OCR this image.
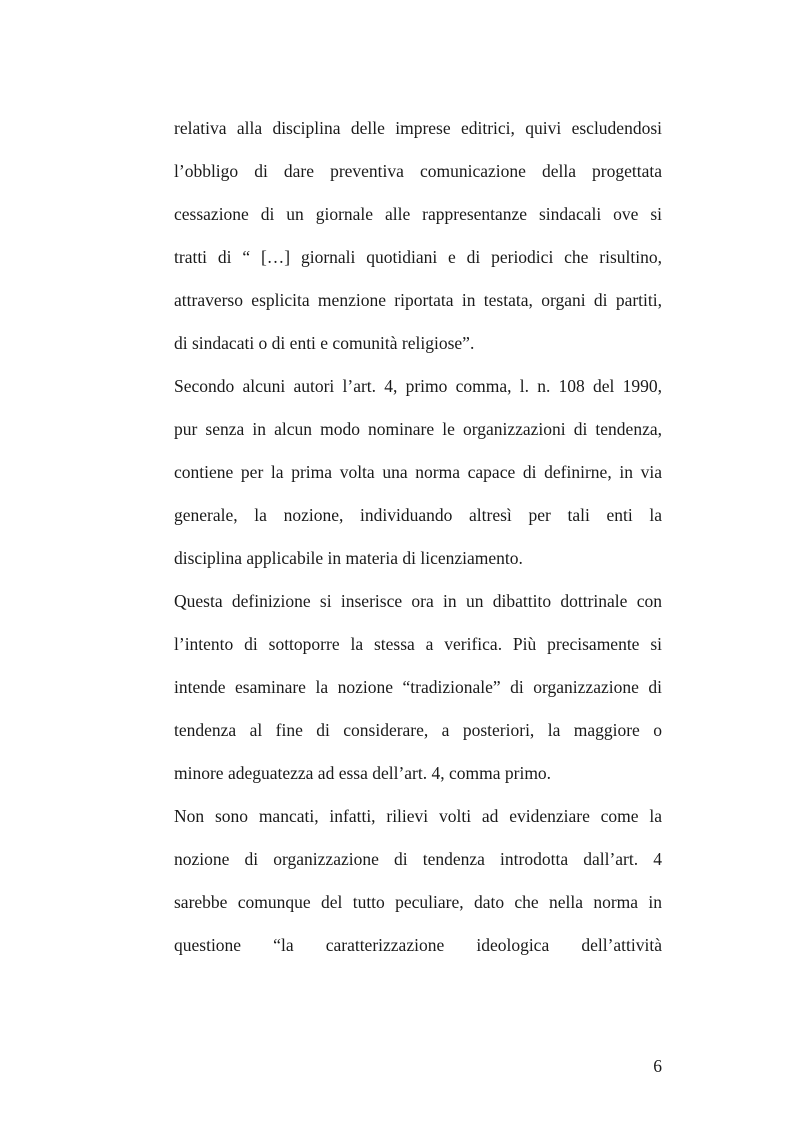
relativa alla disciplina delle imprese editrici, quivi escludendosi
l’obbligo di dare preventiva comunicazione della progettata
cessazione di un giornale alle rappresentanze sindacali ove si
tratti di “ […] giornali quotidiani e di periodici che risultino,
attraverso esplicita menzione riportata in testata, organi di partiti,
di sindacati o di enti e comunità religiose”.
Secondo alcuni autori l’art. 4, primo comma, l. n. 108 del 1990,
pur senza in alcun modo nominare le organizzazioni di tendenza,
contiene per la prima volta una norma capace di definirne, in via
generale, la nozione, individuando altresì per tali enti la
disciplina applicabile in materia di licenziamento.
Questa definizione si inserisce ora in un dibattito dottrinale con
l’intento di sottoporre la stessa a verifica. Più precisamente si
intende esaminare la nozione “tradizionale” di organizzazione di
tendenza al fine di considerare, a posteriori, la maggiore o
minore adeguatezza ad essa dell’art. 4, comma primo.
Non sono mancati, infatti, rilievi volti ad evidenziare come la
nozione di organizzazione di tendenza introdotta dall’art. 4
sarebbe comunque del tutto peculiare, dato che nella norma in
questione “la caratterizzazione ideologica dell’attività
6
